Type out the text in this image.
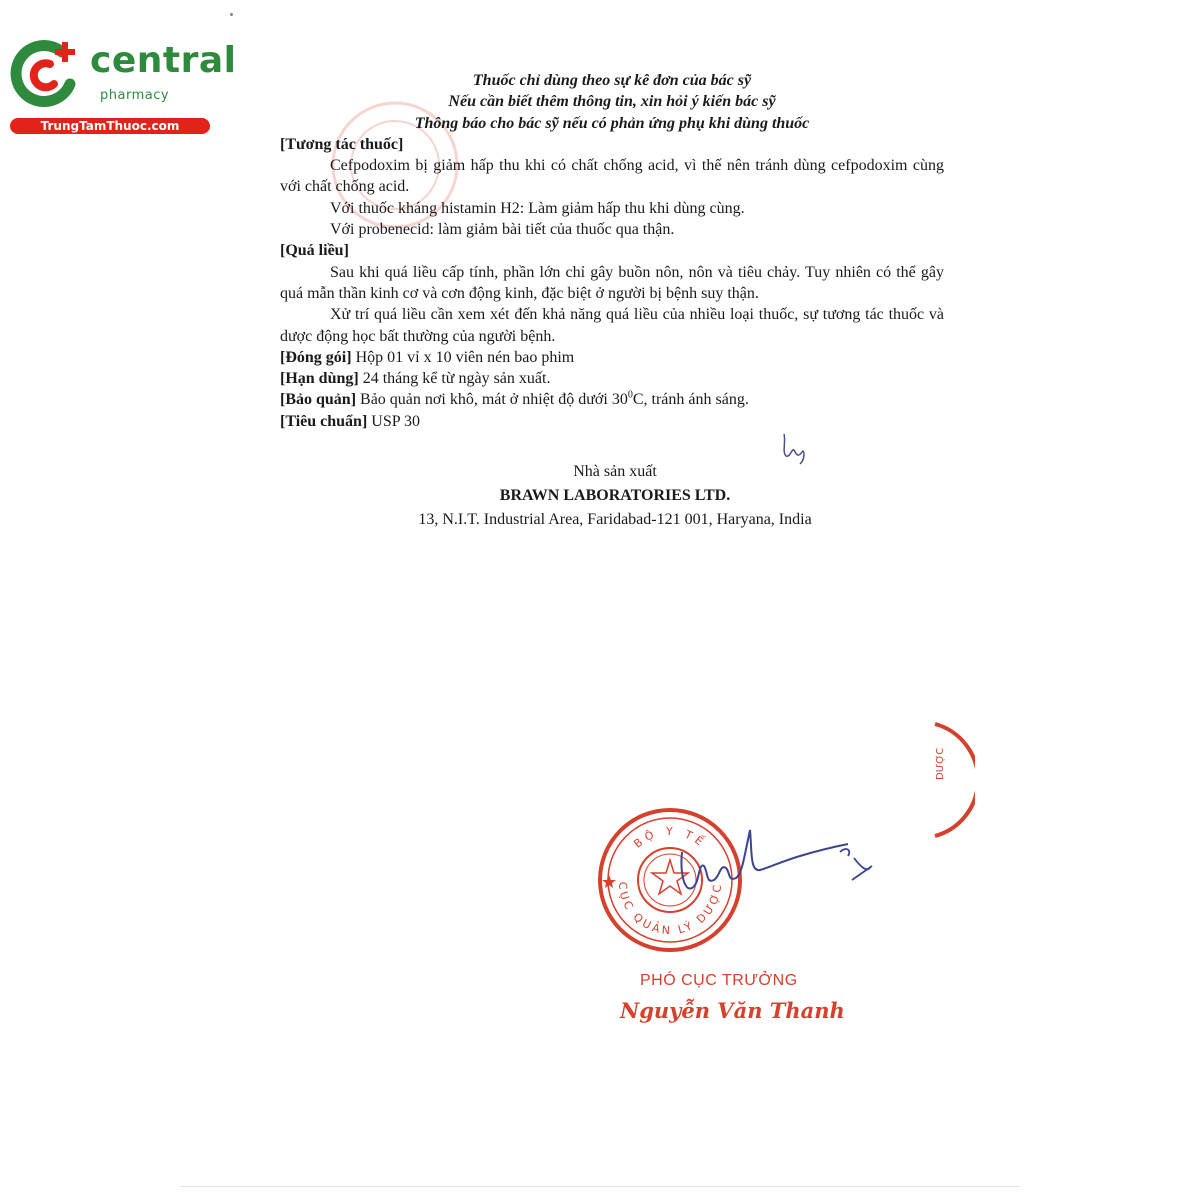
central
pharmacy
TrungTamThuoc.com
Thuốc chỉ dùng theo sự kê đơn của bác sỹ
Nếu cần biết thêm thông tin, xin hỏi ý kiến bác sỹ
Thông báo cho bác sỹ nếu có phản ứng phụ khi dùng thuốc
[Tương tác thuốc]
Cefpodoxim bị giảm hấp thu khi có chất chống acid, vì thế nên tránh dùng cefpodoxim cùng với chất chống acid.
Với thuốc kháng histamin H2: Làm giảm hấp thu khi dùng cùng.
Với probenecid: làm giảm bài tiết của thuốc qua thận.
[Quá liều]
Sau khi quá liều cấp tính, phần lớn chỉ gây buồn nôn, nôn và tiêu chảy. Tuy nhiên có thể gây quá mẫn thần kinh cơ và cơn động kinh, đặc biệt ở người bị bệnh suy thận.
Xử trí quá liều cần xem xét đến khả năng quá liều của nhiều loại thuốc, sự tương tác thuốc và dược động học bất thường của người bệnh.
[Đóng gói] Hộp 01 vỉ x 10 viên nén bao phim
[Hạn dùng] 24 tháng kể từ ngày sản xuất.
[Bảo quản] Bảo quản nơi khô, mát ở nhiệt độ dưới $30^0C$, tránh ánh sáng.
[Tiêu chuẩn] USP 30
Nhà sản xuất
BRAWN LABORATORIES LTD.
13, N.I.T. Industrial Area, Faridabad-121 001, Haryana, India
DƯỢC
BỘ Y TẾ
CỤC QUẢN LÝ DƯỢC
PHÓ CỤC TRƯỞNG
Nguyễn Văn Thanh
